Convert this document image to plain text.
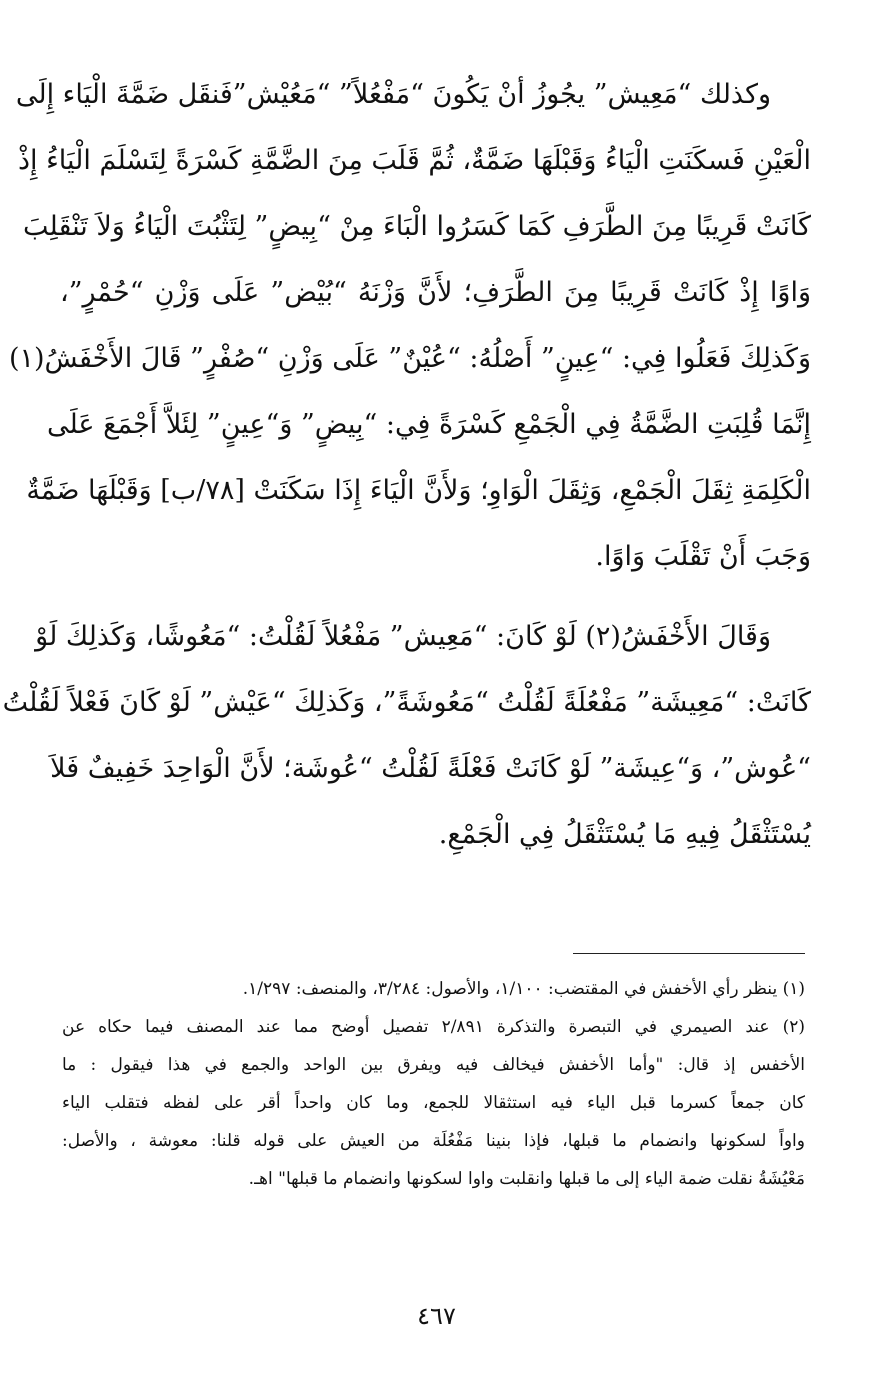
وكذلك “مَعِيش” يجُوزُ أنْ يَكُونَ “مَفْعُلاً” “مَعُيْش”فَنقَل ضَمَّةَ الْيَاء إِلَى
الْعَيْنِ فَسكَنَتِ الْيَاءُ وَقَبْلَهَا ضَمَّةٌ، ثُمَّ قَلَبَ مِنَ الضَّمَّةِ كَسْرَةً لِتَسْلَمَ الْيَاءُ إِذْ
كَانَتْ قَرِيبًا مِنَ الطَّرَفِ كَمَا كَسَرُوا الْبَاءَ مِنْ “بِيضٍ” لِتَثْبُتَ الْيَاءُ وَلاَ تَنْقَلِبَ
وَاوًا إِذْ كَانَتْ قَرِيبًا مِنَ الطَّرَفِ؛ لأَنَّ وَزْنَهُ “بُيْض” عَلَى وَزْنِ “حُمْرٍ”،
وَكَذلِكَ فَعَلُوا فِي: “عِينٍ” أَصْلُهُ: “عُيْنٌ” عَلَى وَزْنِ “صُفْرٍ” قَالَ الأَخْفَشُ(١)
إِنَّمَا قُلِبَتِ الضَّمَّةُ فِي الْجَمْعِ كَسْرَةً فِي: “بِيضٍ” وَ“عِينٍ” لِئَلاَّ أَجْمَعَ عَلَى
الْكَلِمَةِ ثِقَلَ الْجَمْعِ، وَثِقَلَ الْوَاوِ؛ وَلأَنَّ الْيَاءَ إِذَا سَكَنَتْ [٧٨/ب] وَقَبْلَهَا ضَمَّةٌ
وَجَبَ أَنْ تَقْلَبَ وَاوًا.
وَقَالَ الأَخْفَشُ(٢) لَوْ كَانَ: “مَعِيش” مَفْعُلاً لَقُلْتُ: “مَعُوشًا، وَكَذلِكَ لَوْ
كَانَتْ: “مَعِيشَة” مَفْعُلَةً لَقُلْتُ “مَعُوشَةً”، وَكَذلِكَ “عَيْش” لَوْ كَانَ فَعْلاً لَقُلْتُ
“عُوش”، وَ“عِيشَة” لَوْ كَانَتْ فَعْلَةً لَقُلْتُ “عُوشَة؛ لأَنَّ الْوَاحِدَ خَفِيفٌ فَلاَ
يُسْتَثْقَلُ فِيهِ مَا يُسْتَثْقَلُ فِي الْجَمْعِ.
(١) ينظر رأي الأخفش في المقتضب: ١/١٠٠، والأصول: ٣/٢٨٤، والمنصف: ١/٢٩٧.
(٢) عند الصيمري في التبصرة والتذكرة ٢/٨٩١ تفصيل أوضح مما عند المصنف فيما حكاه عن
الأخفس إذ قال: "وأما الأخفش فيخالف فيه ويفرق بين الواحد والجمع في هذا فيقول : ما
كان جمعاً كسرما قبل الياء فيه استثقالا للجمع، وما كان واحداً أقر على لفظه فتقلب الياء
واواً لسكونها وانضمام ما قبلها، فإذا بنينا مَفْعُلَة من العيش على قوله قلنا: معوشة ، والأصل:
مَعْيُشَةُ نقلت ضمة الياء إلى ما قبلها وانقلبت واوا لسكونها وانضمام ما قبلها" اهـ.
٤٦٧
